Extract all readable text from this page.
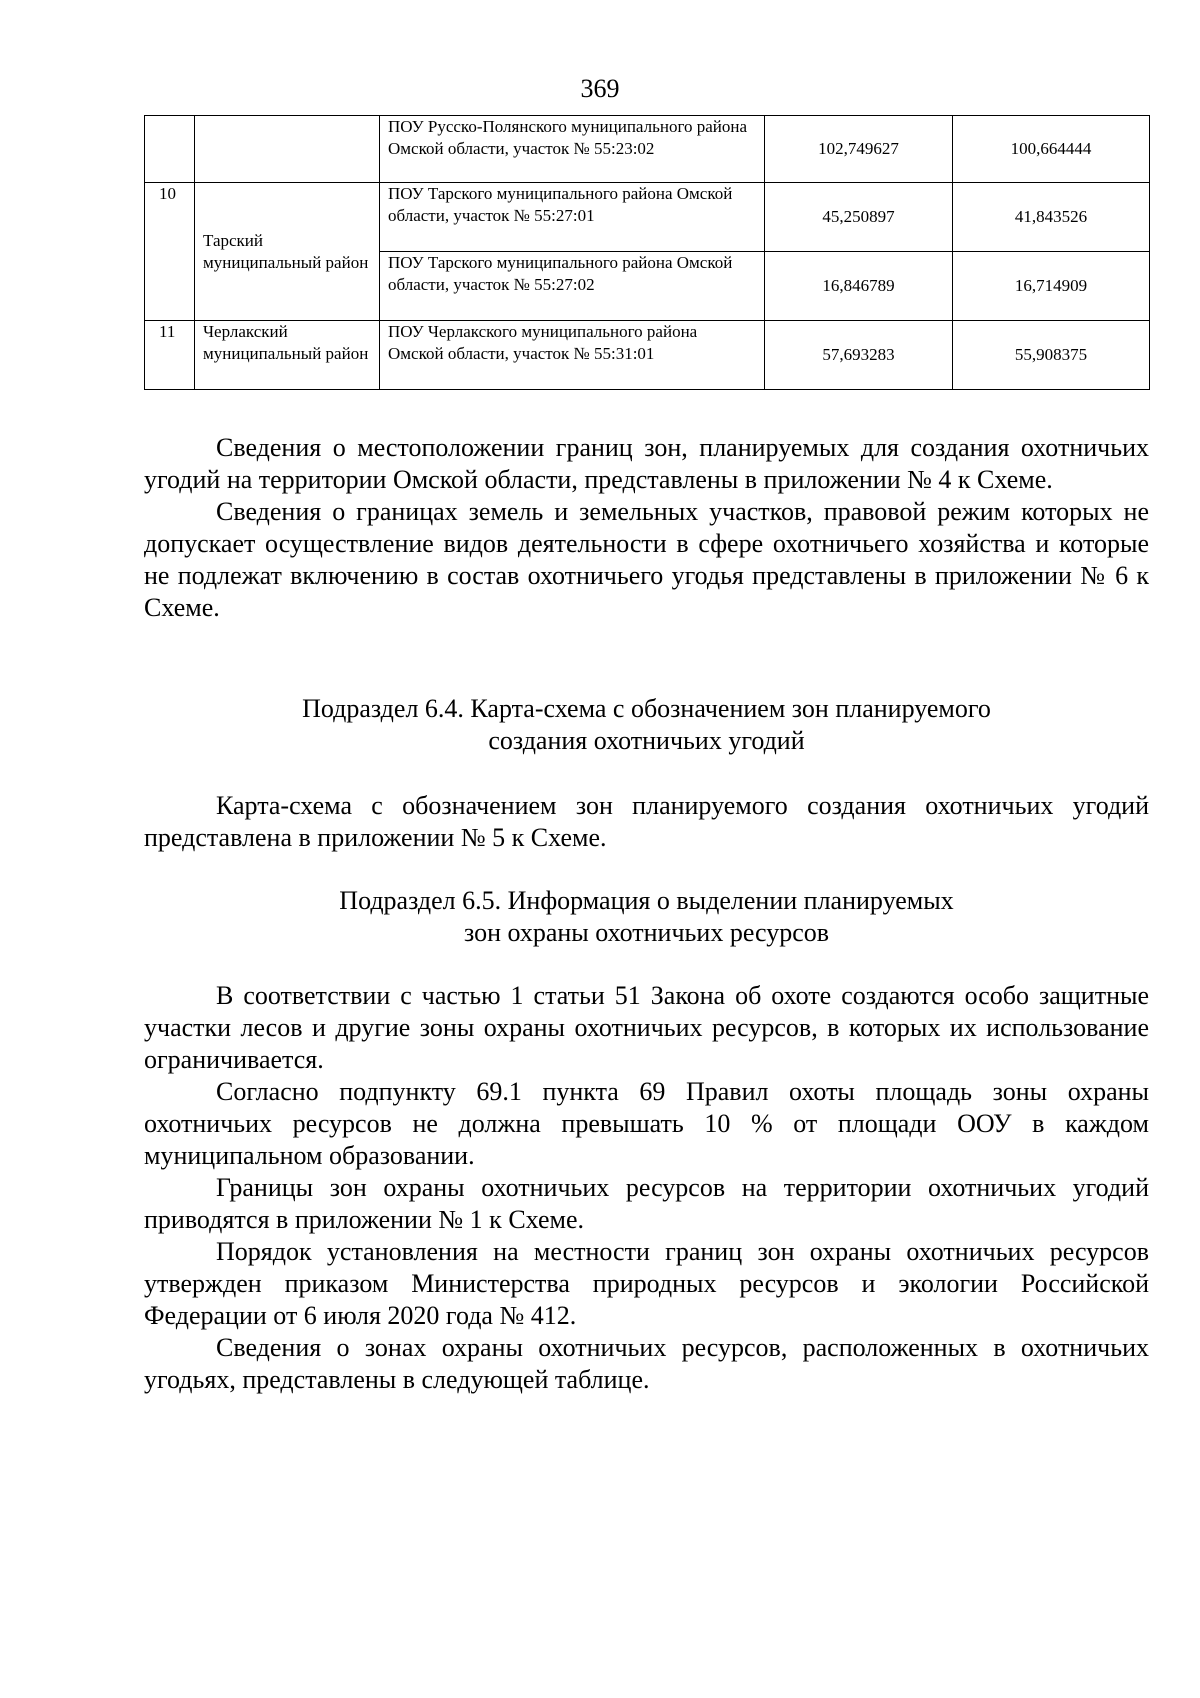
369
		ПОУ Русско-Полянского муниципального района Омской области, участок № 55:23:02	102,749627	100,664444
10	Тарский муниципальный район	ПОУ Тарского муниципального района Омской области, участок № 55:27:01	45,250897	41,843526
		ПОУ Тарского муниципального района Омской области, участок № 55:27:02	16,846789	16,714909
11	Черлакский муниципальный район	ПОУ Черлакского муниципального района Омской области, участок № 55:31:01	57,693283	55,908375

Сведения о местоположении границ зон, планируемых для создания охотничьих угодий на территории Омской области, представлены в приложении № 4 к Схеме.

Сведения о границах земель и земельных участков, правовой режим которых не допускает осуществление видов деятельности в сфере охотничьего хозяйства и которые не подлежат включению в состав охотничьего угодья представлены в приложении № 6 к Схеме.

Подраздел 6.4. Карта-схема с обозначением зон планируемого
создания охотничьих угодий

Карта-схема с обозначением зон планируемого создания охотничьих угодий представлена в приложении № 5 к Схеме.

Подраздел 6.5. Информация о выделении планируемых
зон охраны охотничьих ресурсов

В соответствии с частью 1 статьи 51 Закона об охоте создаются особо защитные участки лесов и другие зоны охраны охотничьих ресурсов, в которых их использование ограничивается.

Согласно подпункту 69.1 пункта 69 Правил охоты площадь зоны охраны охотничьих ресурсов не должна превышать 10 % от площади ООУ в каждом муниципальном образовании.

Границы зон охраны охотничьих ресурсов на территории охотничьих угодий приводятся в приложении № 1 к Схеме.

Порядок установления на местности границ зон охраны охотничьих ресурсов утвержден приказом Министерства природных ресурсов и экологии Российской Федерации от 6 июля 2020 года № 412.

Сведения о зонах охраны охотничьих ресурсов, расположенных в охотничьих угодьях, представлены в следующей таблице.
